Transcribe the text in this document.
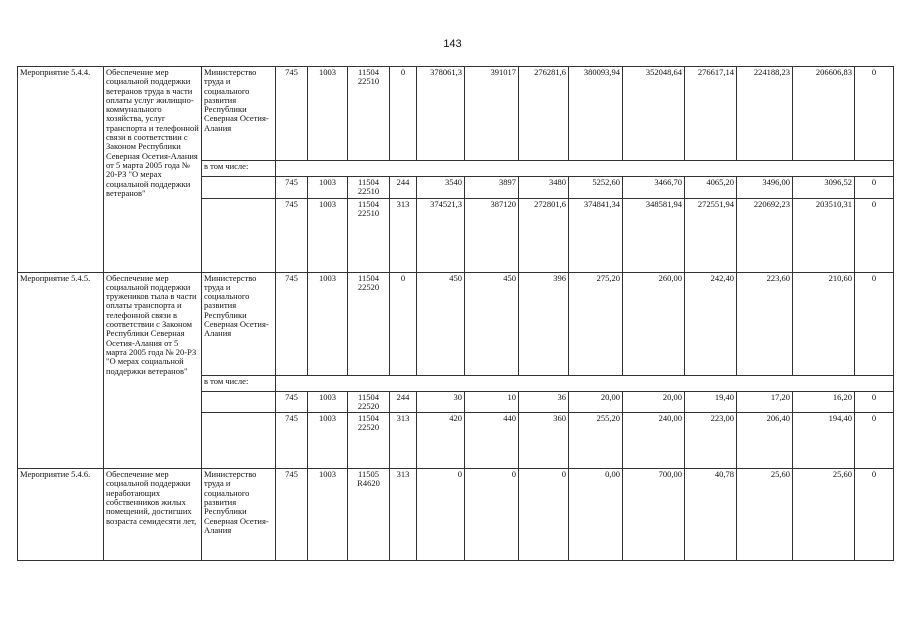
143
Мероприятие 5.4.4.	Обеспечение мер социальной поддержки ветеранов труда в части оплаты услуг жилищно-коммунального хозяйства, услуг транспорта и телефонной связи в соответствии с Законом Республики Северная Осетия-Алания от 5 марта 2005 года № 20-РЗ "О мерах социальной поддержки ветеранов"	Министерство труда и социального развития Республики Северная Осетия-Алания	745	1003	11504 22510	0	378061,3	391017	276281,6	380093,94	352048,64	276617,14	224188,23	206606,83	0
		в том числе:													
			745	1003	11504 22510	244	3540	3897	3480	5252,60	3466,70	4065,20	3496,00	3096,52	0
			745	1003	11504 22510	313	374521,3	387120	272801,6	374841,34	348581,94	272551,94	220692,23	203510,31	0
Мероприятие 5.4.5.	Обеспечение мер социальной поддержки тружеников тыла в части оплаты транспорта и телефонной связи в соответствии с Законом Республики Северная Осетия-Алания от 5 марта 2005 года № 20-РЗ "О мерах социальной поддержки ветеранов"	Министерство труда и социального развития Республики Северная Осетия-Алания	745	1003	11504 22520	0	450	450	396	275,20	260,00	242,40	223,60	210,60	0
		в том числе:													
			745	1003	11504 22520	244	30	10	36	20,00	20,00	19,40	17,20	16,20	0
			745	1003	11504 22520	313	420	440	360	255,20	240,00	223,00	206,40	194,40	0
Мероприятие 5.4.6.	Обеспечение мер социальной поддержки неработающих собственников жилых помещений, достигших возраста семидесяти лет,	Министерство труда и социального развития Республики Северная Осетия-Алания	745	1003	11505 R4620	313	0	0	0	0,00	700,00	40,78	25,60	25,60	0
